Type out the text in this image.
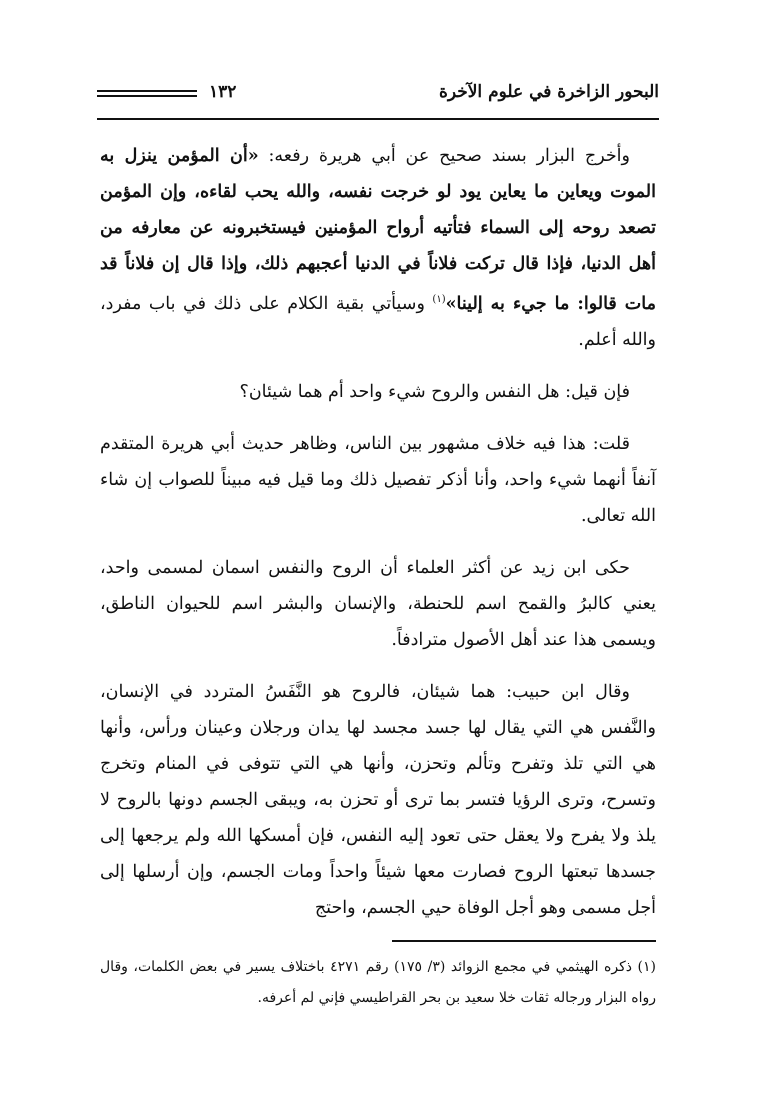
البحور الزاخرة في علوم الآخرة
١٣٢

وأخرج البزار بسند صحيح عن أبي هريرة رفعه: «أن المؤمن ينزل به الموت ويعاين ما يعاين يود لو خرجت نفسه، والله يحب لقاءه، وإن المؤمن تصعد روحه إلى السماء فتأتيه أرواح المؤمنين فيستخبرونه عن معارفه من أهل الدنيا، فإذا قال تركت فلاناً في الدنيا أعجبهم ذلك، وإذا قال إن فلاناً قد مات قالوا: ما جيء به إلينا»$^{(١)}$ وسيأتي بقية الكلام على ذلك في باب مفرد، والله أعلم.

فإن قيل: هل النفس والروح شيء واحد أم هما شيئان؟

قلت: هذا فيه خلاف مشهور بين الناس، وظاهر حديث أبي هريرة المتقدم آنفاً أنهما شيء واحد، وأنا أذكر تفصيل ذلك وما قيل فيه مبيناً للصواب إن شاء الله تعالى.

حكى ابن زيد عن أكثر العلماء أن الروح والنفس اسمان لمسمى واحد، يعني كالبرُ والقمح اسم للحنطة، والإنسان والبشر اسم للحيوان الناطق، ويسمى هذا عند أهل الأصول مترادفاً.

وقال ابن حبيب: هما شيئان، فالروح هو النَّفَسُ المتردد في الإنسان، والنَّفس هي التي يقال لها جسد مجسد لها يدان ورجلان وعينان ورأس، وأنها هي التي تلذ وتفرح وتألم وتحزن، وأنها هي التي تتوفى في المنام وتخرج وتسرح، وترى الرؤيا فتسر بما ترى أو تحزن به، ويبقى الجسم دونها بالروح لا يلذ ولا يفرح ولا يعقل حتى تعود إليه النفس، فإن أمسكها الله ولم يرجعها إلى جسدها تبعتها الروح فصارت معها شيئاً واحداً ومات الجسم، وإن أرسلها إلى أجل مسمى وهو أجل الوفاة حيي الجسم، واحتج

(١) ذكره الهيثمي في مجمع الزوائد (٣/ ١٧٥) رقم ٤٢٧١ باختلاف يسير في بعض الكلمات، وقال رواه البزار ورجاله ثقات خلا سعيد بن بحر القراطيسي فإني لم أعرفه.
